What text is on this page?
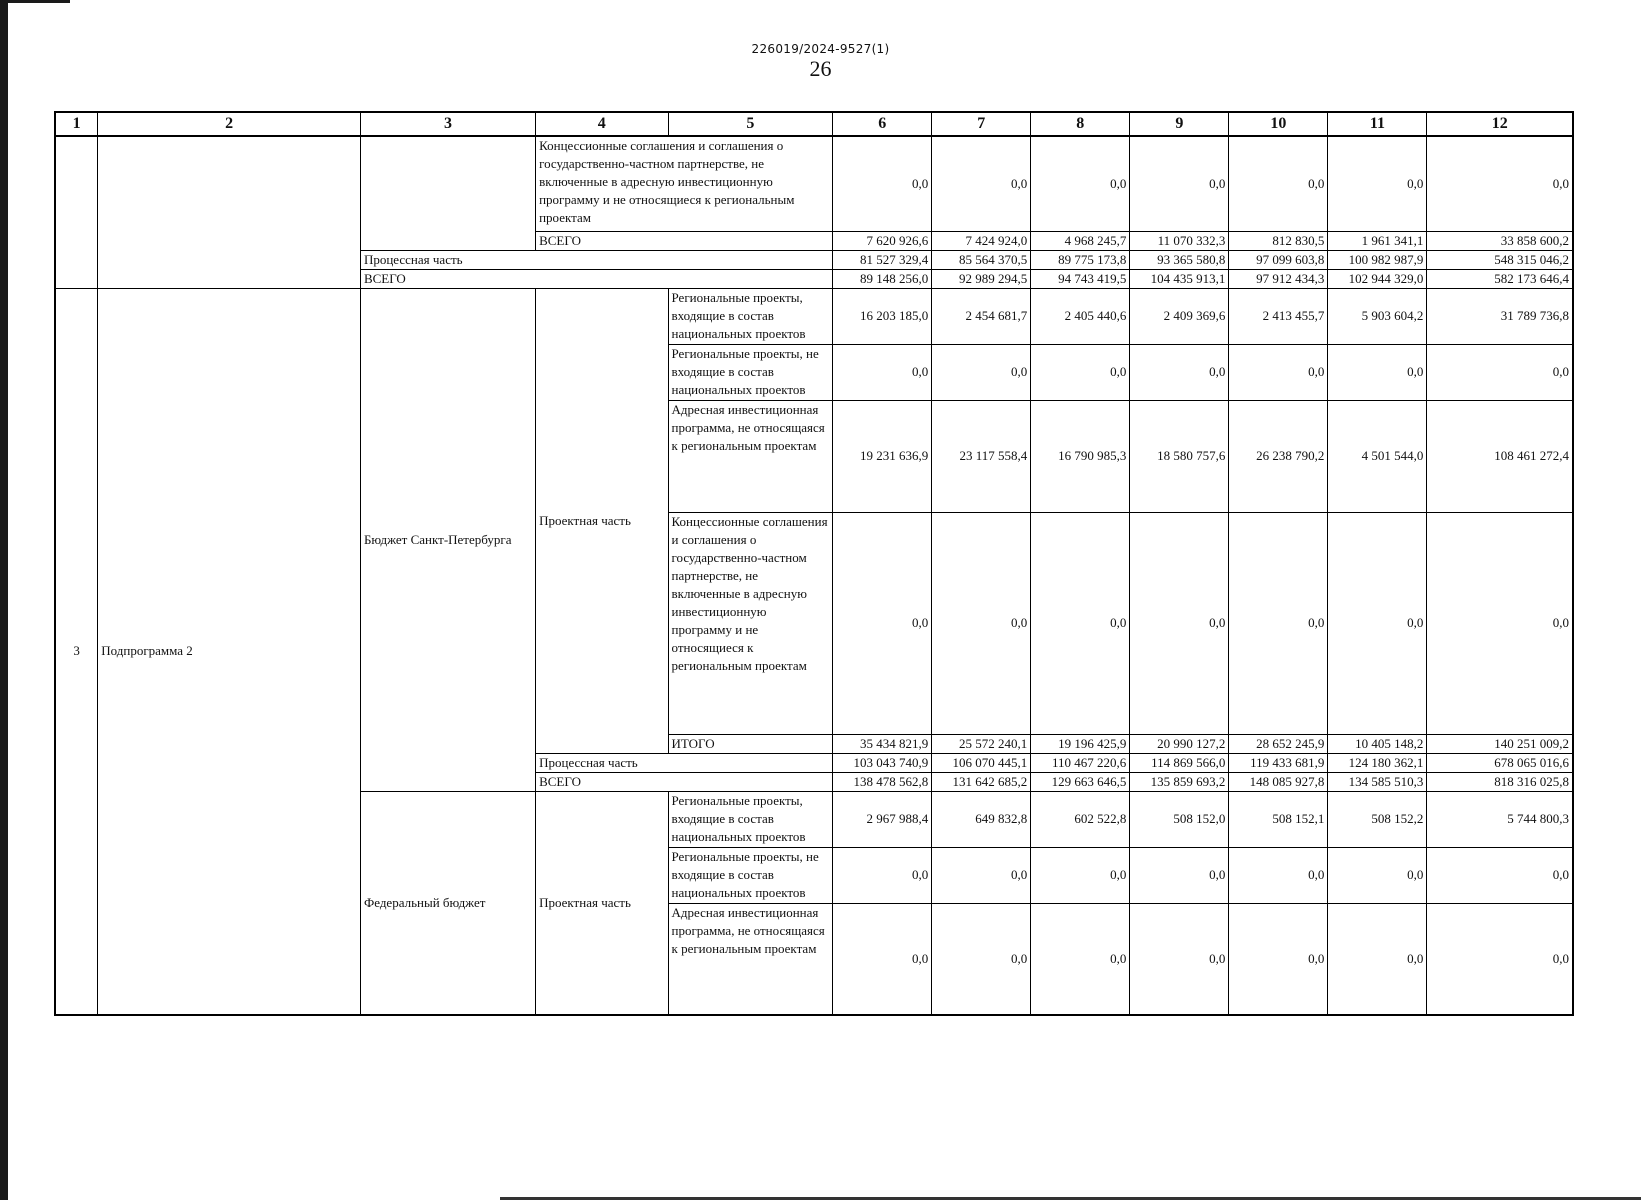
226019/2024-9527(1)
26
1	2	3	4	5	6	7	8	9	10	11	12
			Концессионные соглашения и соглашения о государственно-частном партнерстве, не включенные в адресную инвестиционную программу и не относящиеся к региональным проектам		0,0	0,0	0,0	0,0	0,0	0,0	0,0
			ВСЕГО		7 620 926,6	7 424 924,0	4 968 245,7	11 070 332,3	812 830,5	1 961 341,1	33 858 600,2
		Процессная часть			81 527 329,4	85 564 370,5	89 775 173,8	93 365 580,8	97 099 603,8	100 982 987,9	548 315 046,2
		ВСЕГО			89 148 256,0	92 989 294,5	94 743 419,5	104 435 913,1	97 912 434,3	102 944 329,0	582 173 646,4
3	Подпрограмма 2	Бюджет Санкт-Петербурга	Проектная часть	Региональные проекты, входящие в состав национальных проектов	16 203 185,0	2 454 681,7	2 405 440,6	2 409 369,6	2 413 455,7	5 903 604,2	31 789 736,8
				Региональные проекты, не входящие в состав национальных проектов	0,0	0,0	0,0	0,0	0,0	0,0	0,0
				Адресная инвестиционная программа, не относящаяся к региональным проектам	19 231 636,9	23 117 558,4	16 790 985,3	18 580 757,6	26 238 790,2	4 501 544,0	108 461 272,4
				Концессионные соглашения и соглашения о государственно-частном партнерстве, не включенные в адресную инвестиционную программу и не относящиеся к региональным проектам	0,0	0,0	0,0	0,0	0,0	0,0	0,0
				ИТОГО	35 434 821,9	25 572 240,1	19 196 425,9	20 990 127,2	28 652 245,9	10 405 148,2	140 251 009,2
			Процессная часть		103 043 740,9	106 070 445,1	110 467 220,6	114 869 566,0	119 433 681,9	124 180 362,1	678 065 016,6
			ВСЕГО		138 478 562,8	131 642 685,2	129 663 646,5	135 859 693,2	148 085 927,8	134 585 510,3	818 316 025,8
		Федеральный бюджет	Проектная часть	Региональные проекты, входящие в состав национальных проектов	2 967 988,4	649 832,8	602 522,8	508 152,0	508 152,1	508 152,2	5 744 800,3
				Региональные проекты, не входящие в состав национальных проектов	0,0	0,0	0,0	0,0	0,0	0,0	0,0
				Адресная инвестиционная программа, не относящаяся к региональным проектам	0,0	0,0	0,0	0,0	0,0	0,0	0,0
